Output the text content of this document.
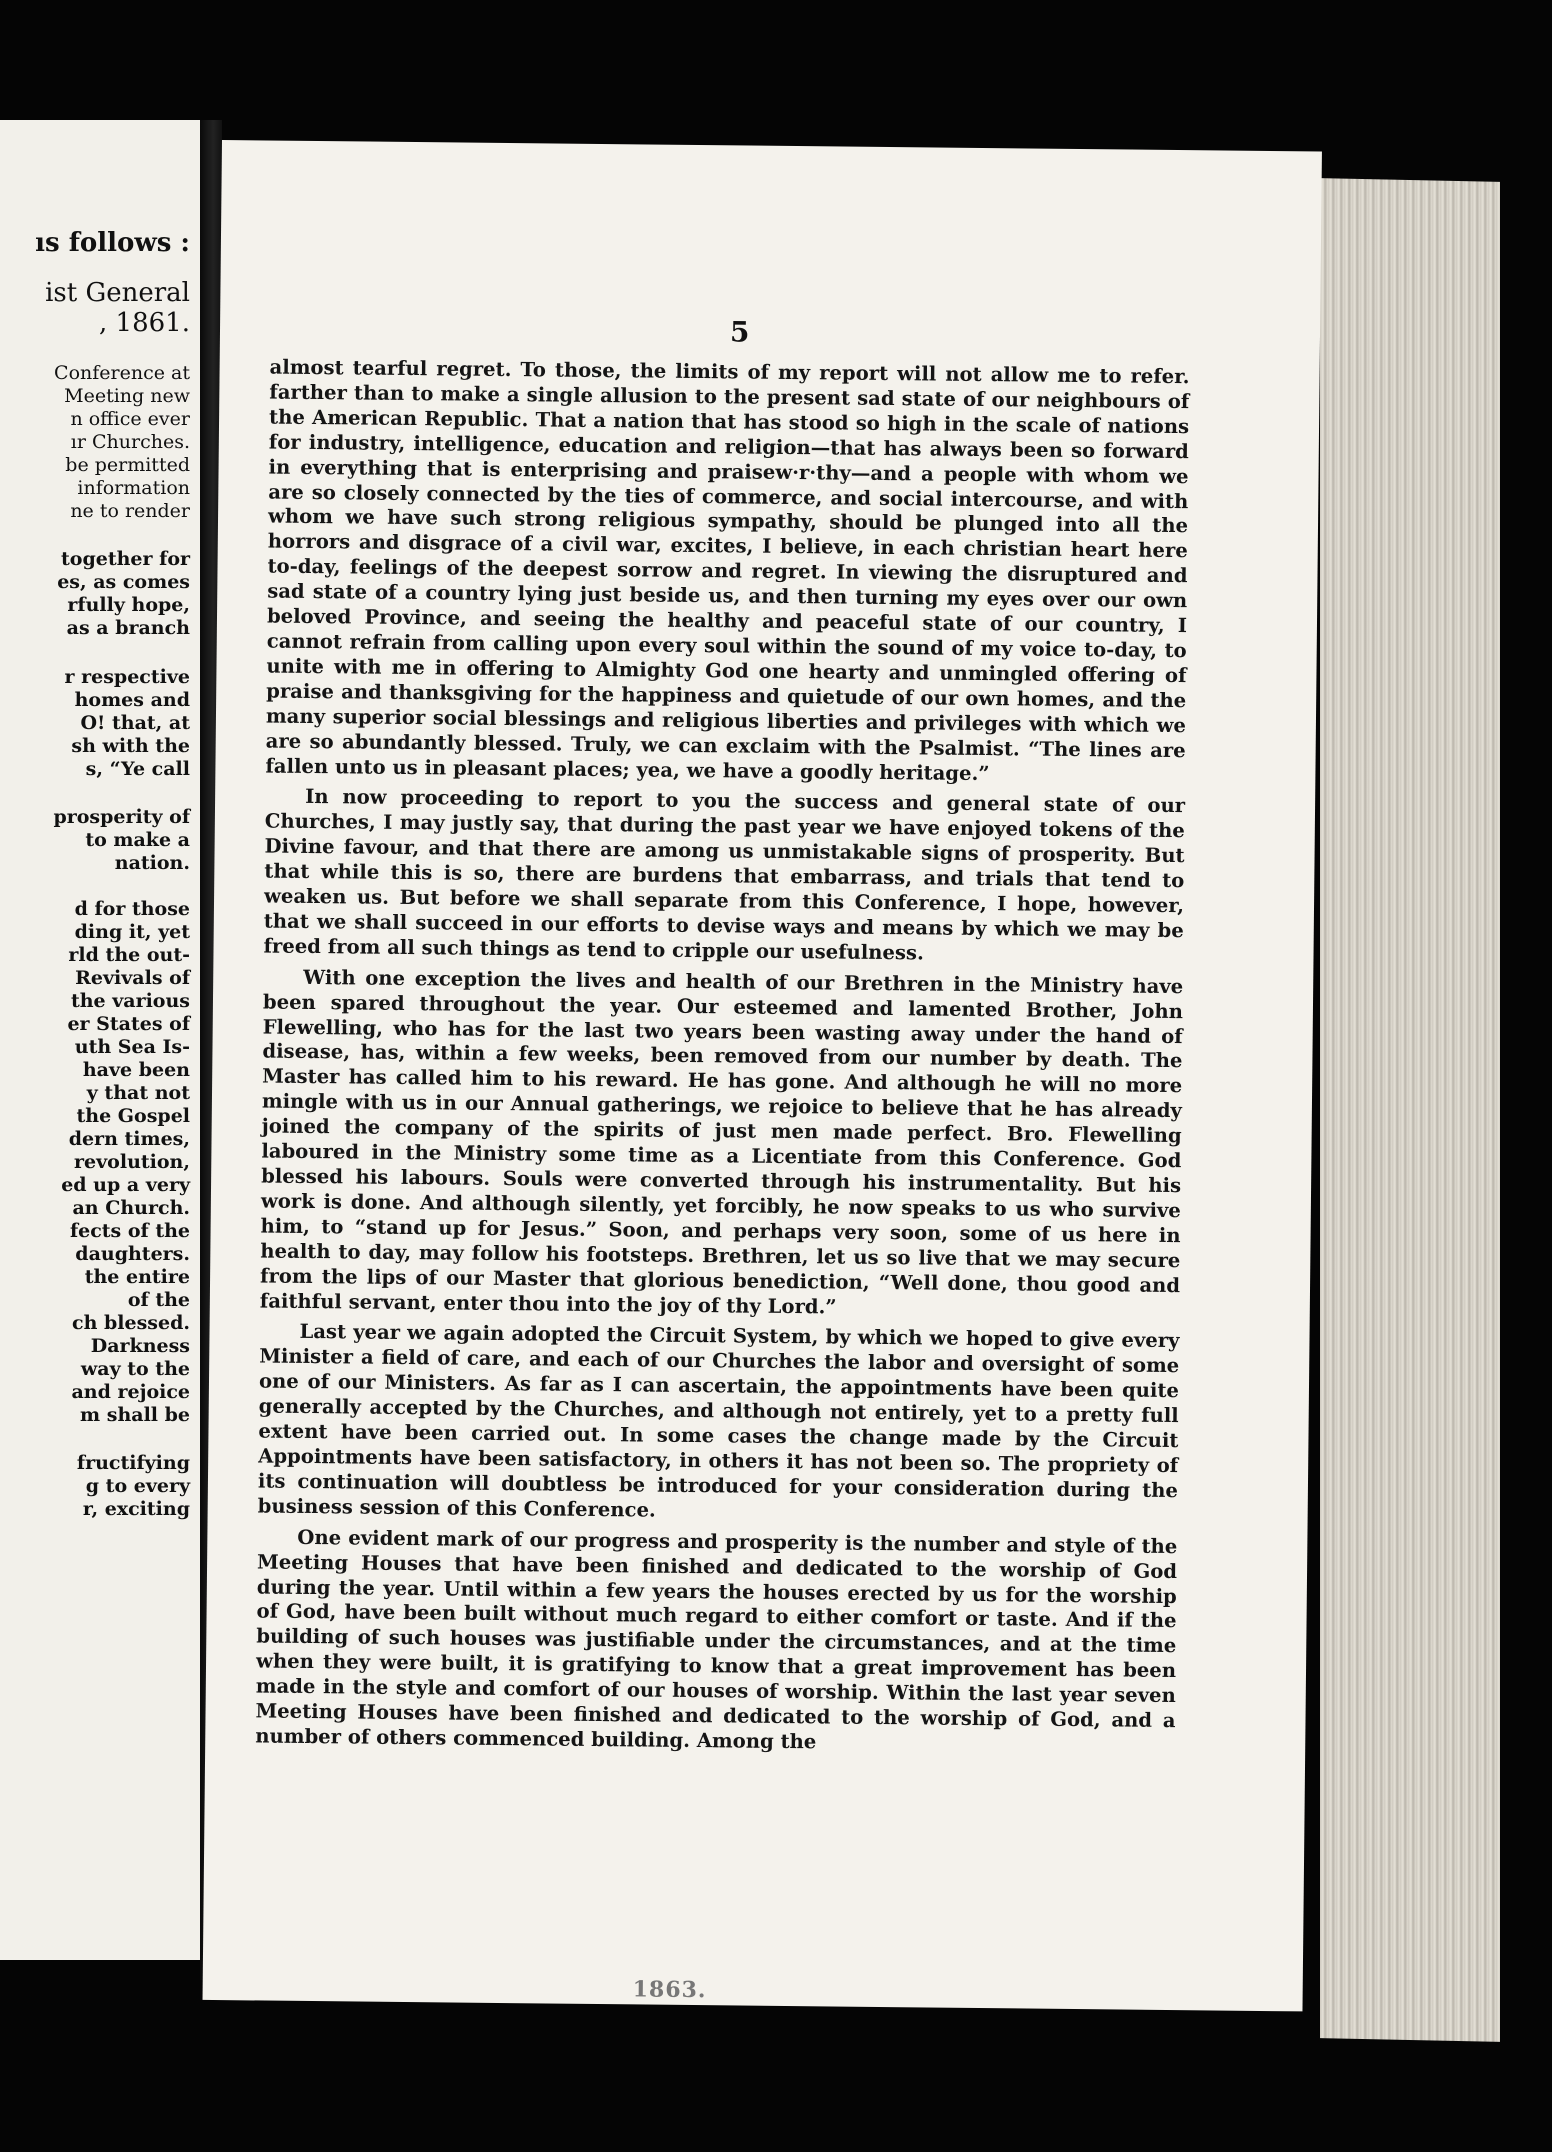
ıs follows :
ist General
, 1861.
Conference at
Meeting new
n office ever
ır Churches.
be permitted
information
ne to render
together for
es, as comes
rfully hope,
as a branch
r respective
homes and
O! that, at
sh with the
s, “Ye call
prosperity of
to make a
nation.
d for those
ding it, yet
rld the out-
Revivals of
the various
er States of
uth Sea Is-
have been
y that not
the Gospel
dern times,
revolution,
ed up a very
an Church.
fects of the
daughters.
the entire
of the
ch blessed.
Darkness
way to the
and rejoice
m shall be
fructifying
g to every
r, exciting
5

almost tearful regret. To those, the limits of my report will not allow me to refer. farther than to make a single allusion to the present sad state of our neighbours of the American Republic. That a nation that has stood so high in the scale of nations for industry, intelligence, education and religion—that has always been so forward in everything that is enterprising and praisew·r·thy—and a people with whom we are so closely connected by the ties of commerce, and social intercourse, and with whom we have such strong religious sympathy, should be plunged into all the horrors and disgrace of a civil war, excites, I believe, in each christian heart here to-day, feelings of the deepest sorrow and regret. In viewing the disruptured and sad state of a country lying just beside us, and then turning my eyes over our own beloved Province, and seeing the healthy and peaceful state of our country, I cannot refrain from calling upon every soul within the sound of my voice to-day, to unite with me in offering to Almighty God one hearty and unmingled offering of praise and thanksgiving for the happiness and quietude of our own homes, and the many superior social blessings and religious liberties and privileges with which we are so abundantly blessed. Truly, we can exclaim with the Psalmist. “The lines are fallen unto us in pleasant places; yea, we have a goodly heritage.”

In now proceeding to report to you the success and general state of our Churches, I may justly say, that during the past year we have enjoyed tokens of the Divine favour, and that there are among us unmistakable signs of prosperity. But that while this is so, there are burdens that embarrass, and trials that tend to weaken us. But before we shall separate from this Conference, I hope, however, that we shall succeed in our efforts to devise ways and means by which we may be freed from all such things as tend to cripple our usefulness.

With one exception the lives and health of our Brethren in the Ministry have been spared throughout the year. Our esteemed and lamented Brother, John Flewelling, who has for the last two years been wasting away under the hand of disease, has, within a few weeks, been removed from our number by death. The Master has called him to his reward. He has gone. And although he will no more mingle with us in our Annual gatherings, we rejoice to believe that he has already joined the company of the spirits of just men made perfect. Bro. Flewelling laboured in the Ministry some time as a Licentiate from this Conference. God blessed his labours. Souls were converted through his instrumentality. But his work is done. And although silently, yet forcibly, he now speaks to us who survive him, to “stand up for Jesus.” Soon, and perhaps very soon, some of us here in health to day, may follow his footsteps. Brethren, let us so live that we may secure from the lips of our Master that glorious benediction, “Well done, thou good and faithful servant, enter thou into the joy of thy Lord.”

Last year we again adopted the Circuit System, by which we hoped to give every Minister a field of care, and each of our Churches the labor and oversight of some one of our Ministers. As far as I can ascertain, the appointments have been quite generally accepted by the Churches, and although not entirely, yet to a pretty full extent have been carried out. In some cases the change made by the Circuit Appointments have been satisfactory, in others it has not been so. The propriety of its continuation will doubtless be introduced for your consideration during the business session of this Conference.

One evident mark of our progress and prosperity is the number and style of the Meeting Houses that have been finished and dedicated to the worship of God during the year. Until within a few years the houses erected by us for the worship of God, have been built without much regard to either comfort or taste. And if the building of such houses was justifiable under the circumstances, and at the time when they were built, it is gratifying to know that a great improvement has been made in the style and comfort of our houses of worship. Within the last year seven Meeting Houses have been finished and dedicated to the worship of God, and a number of others commenced building. Among the

1863.
